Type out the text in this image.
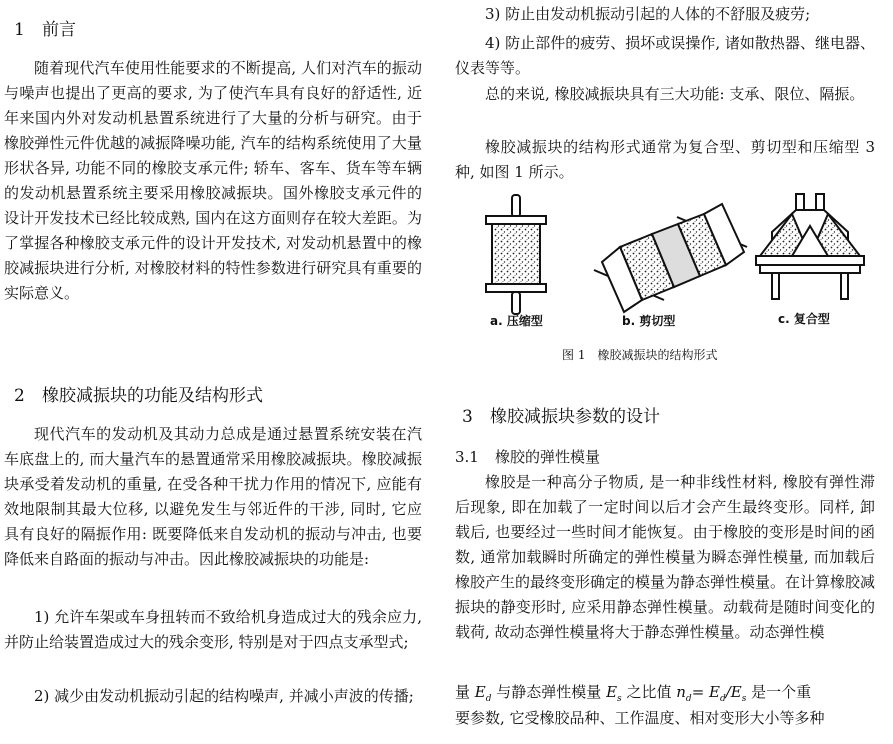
1 前言

随着现代汽车使用性能要求的不断提高, 人们对汽车的振动与噪声也提出了更高的要求, 为了使汽车具有良好的舒适性, 近年来国内外对发动机悬置系统进行了大量的分析与研究。由于橡胶弹性元件优越的减振降噪功能, 汽车的结构系统使用了大量形状各异, 功能不同的橡胶支承元件; 轿车、客车、货车等车辆的发动机悬置系统主要采用橡胶减振块。国外橡胶支承元件的设计开发技术已经比较成熟, 国内在这方面则存在较大差距。为了掌握各种橡胶支承元件的设计开发技术, 对发动机悬置中的橡胶减振块进行分析, 对橡胶材料的特性参数进行研究具有重要的实际意义。

2 橡胶减振块的功能及结构形式

现代汽车的发动机及其动力总成是通过悬置系统安装在汽车底盘上的, 而大量汽车的悬置通常采用橡胶减振块。橡胶减振块承受着发动机的重量, 在受各种干扰力作用的情况下, 应能有效地限制其最大位移, 以避免发生与邻近件的干涉, 同时, 它应具有良好的隔振作用: 既要降低来自发动机的振动与冲击, 也要降低来自路面的振动与冲击。因此橡胶减振块的功能是:

1) 允许车架或车身扭转而不致给机身造成过大的残余应力, 并防止给装置造成过大的残余变形, 特别是对于四点支承型式;

2) 减少由发动机振动引起的结构噪声, 并减小声波的传播;

3) 防止由发动机振动引起的人体的不舒服及疲劳;

4) 防止部件的疲劳、损坏或误操作, 诸如散热器、继电器、仪表等等。

总的来说, 橡胶减振块具有三大功能: 支承、限位、隔振。

橡胶减振块的结构形式通常为复合型、剪切型和压缩型 3 种, 如图 1 所示。

a. 压缩型	b. 剪切型	c. 复合型
图 1　橡胶减振块的结构形式
3 橡胶减振块参数的设计
3.1 橡胶的弹性模量

橡胶是一种高分子物质, 是一种非线性材料, 橡胶有弹性滞后现象, 即在加载了一定时间以后才会产生最终变形。同样, 卸载后, 也要经过一些时间才能恢复。由于橡胶的变形是时间的函数, 通常加载瞬时所确定的弹性模量为瞬态弹性模量, 而加载后橡胶产生的最终变形确定的模量为静态弹性模量。在计算橡胶减振块的静变形时, 应采用静态弹性模量。动载荷是随时间变化的载荷, 故动态弹性模量将大于静态弹性模量。动态弹性模

量 $E_d$ 与静态弹性模量 $E_s$ 之比值 $n_d= E_d/E_s$ 是一个重

要参数, 它受橡胶品种、工作温度、相对变形大小等多种
